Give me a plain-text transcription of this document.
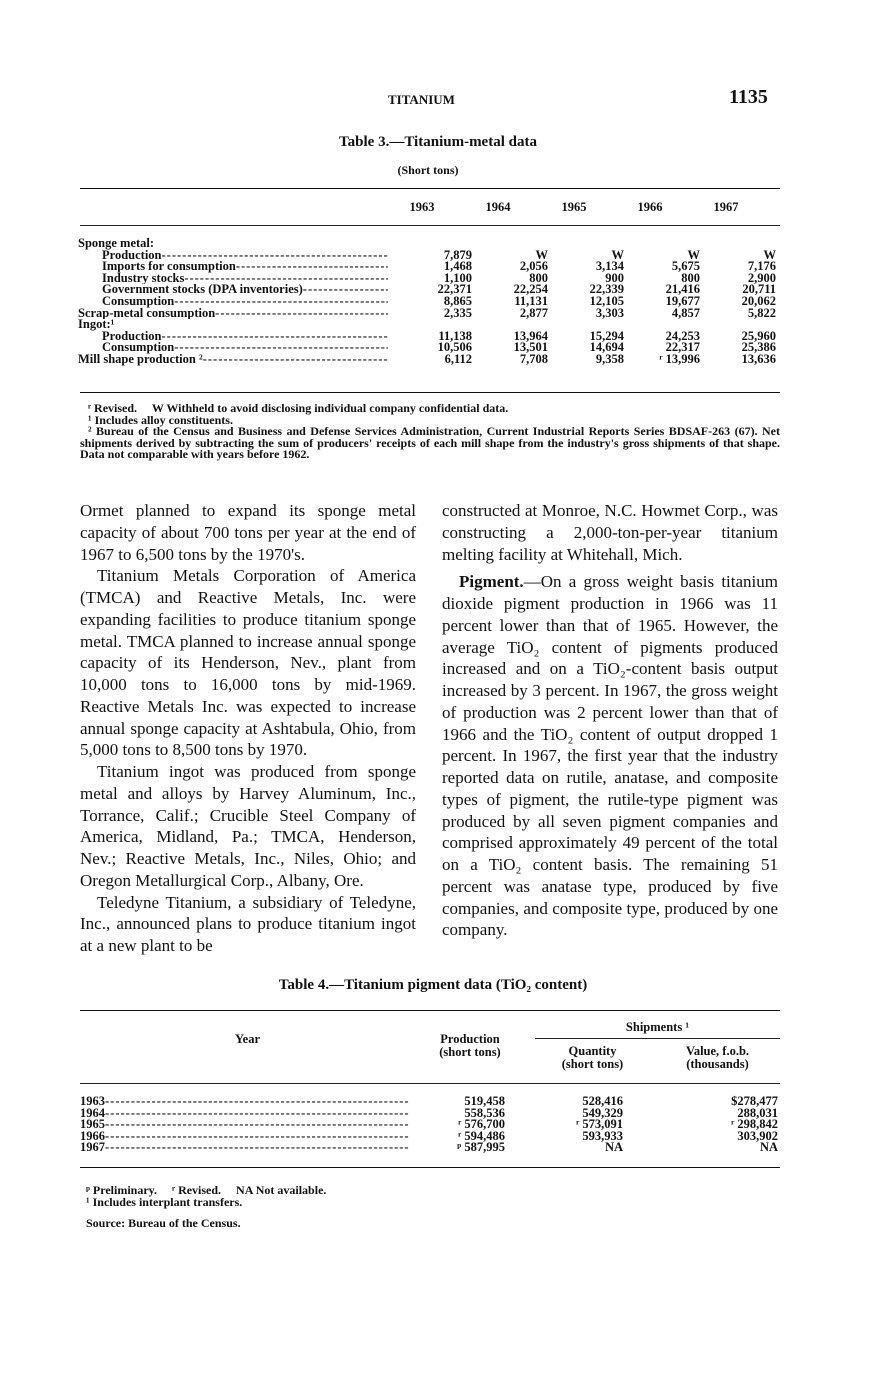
TITANIUM	1135
Table 3.—Titanium-metal data
(Short tons)
1963	1964	1965	1966	1967
Sponge metal:
Production -----	7,879	W	W	W	W
Imports for consumption -----	1,468	2,056	3,134	5,675	7,176
Industry stocks -----	1,100	800	900	800	2,900
Government stocks (DPA inventories) -----	22,371	22,254	22,339	21,416	20,711
Consumption -----	8,865	11,131	12,105	19,677	20,062
Scrap-metal consumption -----	2,335	2,877	3,303	4,857	5,822
Ingot:¹
Production -----	11,138	13,964	15,294	24,253	25,960
Consumption -----	10,506	13,501	14,694	22,317	25,386
Mill shape production ² -----	6,112	7,708	9,358	ʳ 13,996	13,636
ʳ Revised.     W Withheld to avoid disclosing individual company confidential data.
¹ Includes alloy constituents.
² Bureau of the Census and Business and Defense Services Administration, Current Industrial Reports Series BDSAF-263 (67). Net shipments derived by subtracting the sum of producers' receipts of each mill shape from the industry's gross shipments of that shape. Data not comparable with years before 1962.

Ormet planned to expand its sponge metal capacity of about 700 tons per year at the end of 1967 to 6,500 tons by the 1970's.

Titanium Metals Corporation of America (TMCA) and Reactive Metals, Inc. were expanding facilities to produce titanium sponge metal. TMCA planned to increase annual sponge capacity of its Henderson, Nev., plant from 10,000 tons to 16,000 tons by mid-1969. Reactive Metals Inc. was expected to increase annual sponge capacity at Ashtabula, Ohio, from 5,000 tons to 8,500 tons by 1970.

Titanium ingot was produced from sponge metal and alloys by Harvey Aluminum, Inc., Torrance, Calif.; Crucible Steel Company of America, Midland, Pa.; TMCA, Henderson, Nev.; Reactive Metals, Inc., Niles, Ohio; and Oregon Metallurgical Corp., Albany, Ore.

Teledyne Titanium, a subsidiary of Teledyne, Inc., announced plans to produce titanium ingot at a new plant to be

constructed at Monroe, N.C. Howmet Corp., was constructing a 2,000-ton-per-year titanium melting facility at Whitehall, Mich.

Pigment.—On a gross weight basis titanium dioxide pigment production in 1966 was 11 percent lower than that of 1965. However, the average TiO₂ content of pigments produced increased and on a TiO₂-content basis output increased by 3 percent. In 1967, the gross weight of production was 2 percent lower than that of 1966 and the TiO₂ content of output dropped 1 percent. In 1967, the first year that the industry reported data on rutile, anatase, and composite types of pigment, the rutile-type pigment was produced by all seven pigment companies and comprised approximately 49 percent of the total on a TiO₂ content basis. The remaining 51 percent was anatase type, produced by five companies, and composite type, produced by one company.

Table 4.—Titanium pigment data (TiO₂ content)
Year	Production
(short tons)
Shipments ¹
Quantity
(short tons)
Value, f.o.b.
(thousands)
1963 -----	519,458	528,416	$278,477
1964 -----	558,536	549,329	288,031
1965 -----	ʳ 576,700	ʳ 573,091	ʳ 298,842
1966 -----	ʳ 594,486	593,933	303,902
1967 -----	ᵖ 587,995	NA	NA
ᵖ Preliminary.     ʳ Revised.     NA Not available.
¹ Includes interplant transfers.
Source: Bureau of the Census.
